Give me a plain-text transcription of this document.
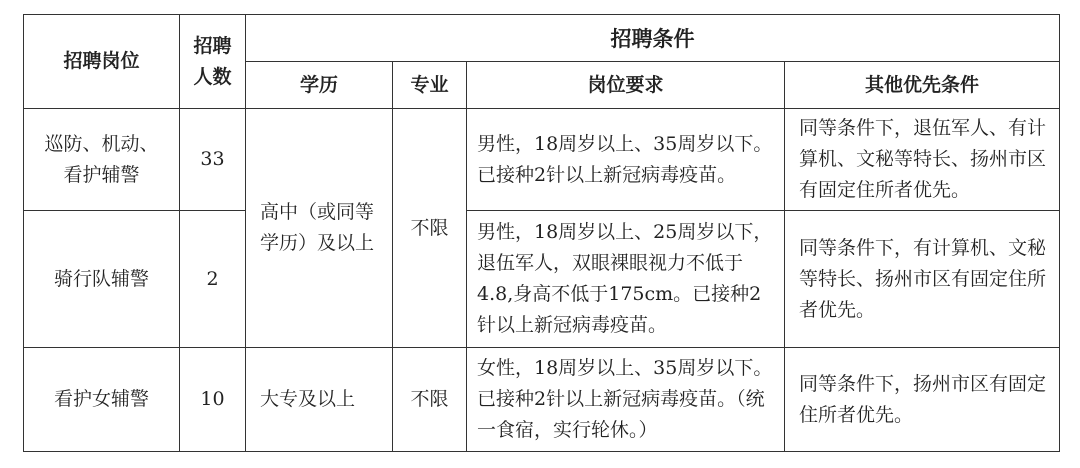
招聘岗位	招聘人数	招聘条件			
		学历	专业	岗位要求	其他优先条件
巡防、机动、看护辅警	33	高中（或同等学历）及以上	不限	男性，18周岁以上、35周岁以下。已接种2针以上新冠病毒疫苗。	同等条件下，退伍军人、有计算机、文秘等特长、扬州市区有固定住所者优先。
骑行队辅警	2			男性，18周岁以上、25周岁以下，退伍军人，双眼裸眼视力不低于4.8,身高不低于175cm。已接种2针以上新冠病毒疫苗。	同等条件下，有计算机、文秘等特长、扬州市区有固定住所者优先。
看护女辅警	10	大专及以上	不限	女性，18周岁以上、35周岁以下。已接种2针以上新冠病毒疫苗。（统一食宿，实行轮休。）	同等条件下，扬州市区有固定住所者优先。
